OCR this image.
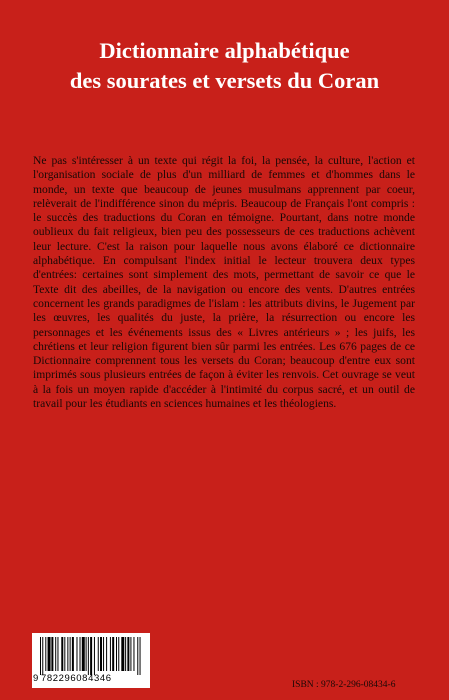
Dictionnaire alphabétique
des sourates et versets du Coran
Ne pas s'intéresser à un texte qui régit la foi, la pensée, la culture, l'action et l'organisation sociale de plus d'un milliard de femmes et d'hommes dans le monde, un texte que beaucoup de jeunes musulmans apprennent par coeur, relèverait de l'indifférence sinon du mépris. Beaucoup de Français l'ont compris : le succès des traductions du Coran en témoigne. Pourtant, dans notre monde oublieux du fait religieux, bien peu des possesseurs de ces traductions achèvent leur lecture. C'est la raison pour laquelle nous avons élaboré ce dictionnaire alphabétique. En compulsant l'index initial le lecteur trouvera deux types d'entrées: certaines sont simplement des mots, permettant de savoir ce que le Texte dit des abeilles, de la navigation ou encore des vents. D'autres entrées concernent les grands paradigmes de l'islam : les attributs divins, le Jugement par les œuvres, les qualités du juste, la prière, la résurrection ou encore les personnages et les événements issus des « Livres antérieurs » ; les juifs, les chrétiens et leur religion figurent bien sûr parmi les entrées. Les 676 pages de ce Dictionnaire comprennent tous les versets du Coran; beaucoup d'entre eux sont imprimés sous plusieurs entrées de façon à éviter les renvois. Cet ouvrage se veut à la fois un moyen rapide d'accéder à l'intimité du corpus sacré, et un outil de travail pour les étudiants en sciences humaines et les théologiens.
9 782296084346
ISBN : 978-2-296-08434-6
